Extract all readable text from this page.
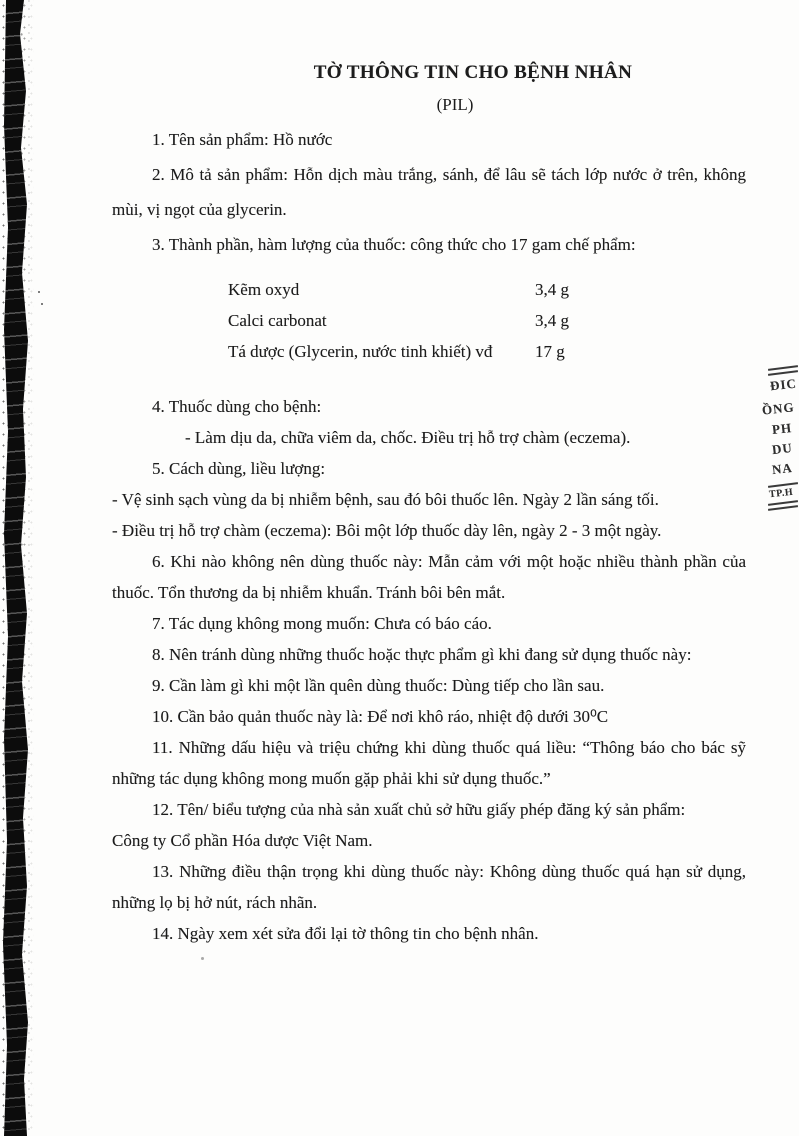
TỜ THÔNG TIN CHO BỆNH NHÂN
(PIL)
1. Tên sản phẩm: Hồ nước
2. Mô tả sản phẩm: Hỗn dịch màu trắng, sánh, để lâu sẽ tách lớp nước ở trên, không
mùi, vị ngọt của glycerin.
3. Thành phần, hàm lượng của thuốc: công thức cho 17 gam chế phẩm:
Kẽm oxyd	3,4 g
Calci carbonat	3,4 g
Tá dược (Glycerin, nước tinh khiết) vđ	17 g
4. Thuốc dùng cho bệnh:
- Làm dịu da, chữa viêm da, chốc. Điều trị hỗ trợ chàm (eczema).
5. Cách dùng, liều lượng:
- Vệ sinh sạch vùng da bị nhiễm bệnh, sau đó bôi thuốc lên. Ngày 2 lần sáng tối.
- Điều trị hỗ trợ chàm (eczema): Bôi một lớp thuốc dày lên, ngày 2 - 3 một ngày.
6. Khi nào không nên dùng thuốc này: Mẫn cảm với một hoặc nhiều thành phần của
thuốc. Tổn thương da bị nhiễm khuẩn. Tránh bôi bên mắt.
7. Tác dụng không mong muốn: Chưa có báo cáo.
8. Nên tránh dùng những thuốc hoặc thực phẩm gì khi đang sử dụng thuốc này:
9. Cần làm gì khi một lần quên dùng thuốc: Dùng tiếp cho lần sau.
10. Cần bảo quản thuốc này là: Để nơi khô ráo, nhiệt độ dưới 30⁰C
11. Những dấu hiệu và triệu chứng khi dùng thuốc quá liều: “Thông báo cho bác sỹ
những tác dụng không mong muốn gặp phải khi sử dụng thuốc.”
12. Tên/ biểu tượng của nhà sản xuất chủ sở hữu giấy phép đăng ký sản phẩm:
Công ty Cổ phần Hóa dược Việt Nam.
13. Những điều thận trọng khi dùng thuốc này: Không dùng thuốc quá hạn sử dụng,
những lọ bị hở nút, rách nhãn.
14. Ngày xem xét sửa đổi lại tờ thông tin cho bệnh nhân.
ĐIC
ỒNG
PH
DU
NA
TP.H
